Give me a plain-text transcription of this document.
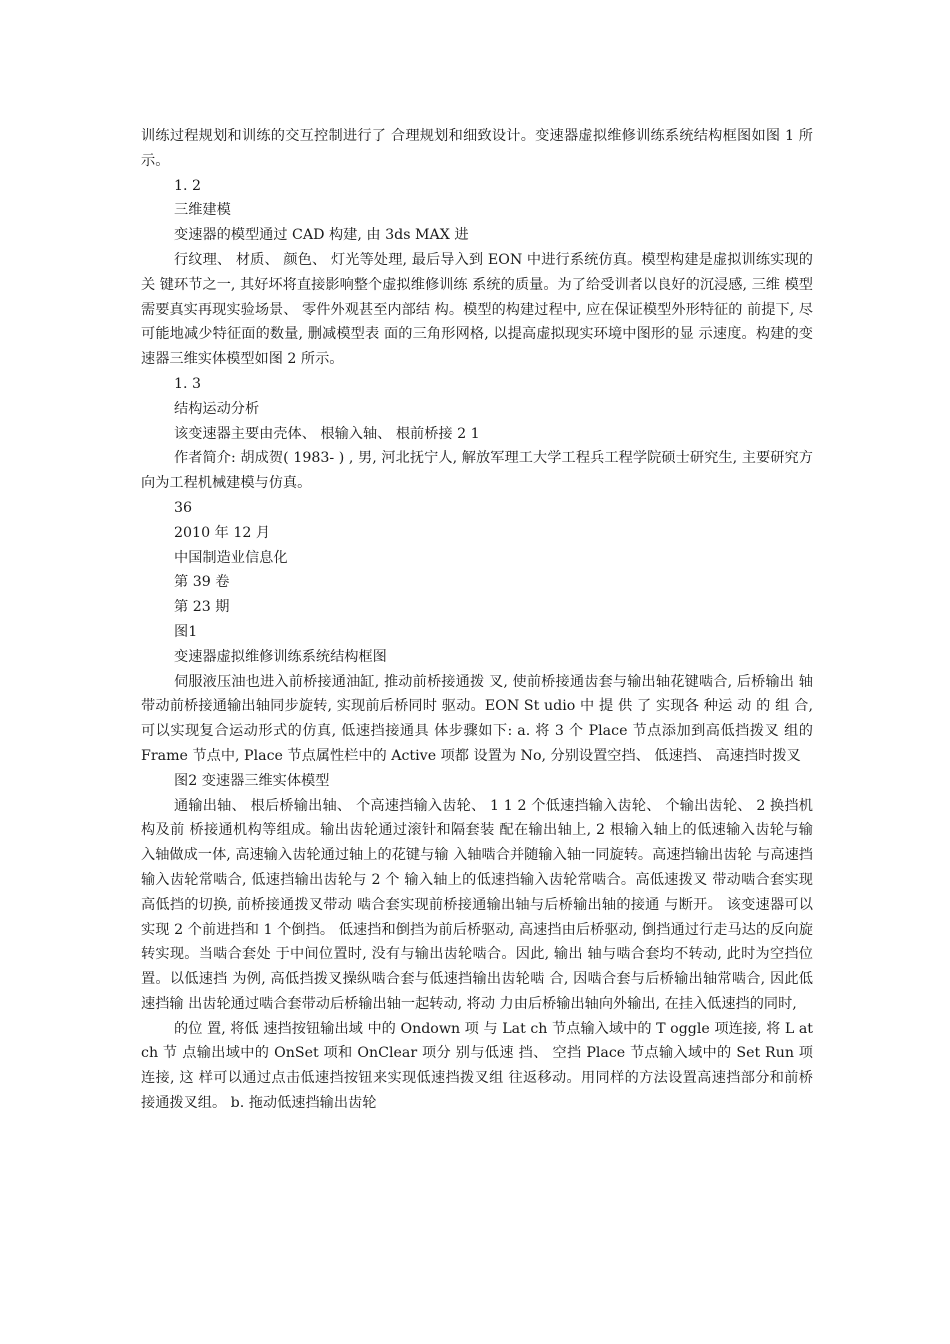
训练过程规划和训练的交互控制进行了 合理规划和细致设计。变速器虚拟维修训练系统结构框图如图 1 所示。

1. 2

三维建模

变速器的模型通过 CAD 构建, 由 3ds MAX 进

行纹理、 材质、 颜色、 灯光等处理, 最后导入到 EON 中进行系统仿真。模型构建是虚拟训练实现的关 键环节之一, 其好坏将直接影响整个虚拟维修训练 系统的质量。为了给受训者以良好的沉浸感, 三维 模型需要真实再现实验场景、 零件外观甚至内部结 构。模型的构建过程中, 应在保证模型外形特征的 前提下, 尽可能地减少特征面的数量, 删减模型表 面的三角形网格, 以提高虚拟现实环境中图形的显 示速度。构建的变速器三维实体模型如图 2 所示。

1. 3

结构运动分析

该变速器主要由壳体、 根输入轴、 根前桥接 2 1

作者简介: 胡成贺( 1983- ) , 男, 河北抚宁人, 解放军理工大学工程兵工程学院硕士研究生, 主要研究方向为工程机械建模与仿真。

36

2010 年 12 月

中国制造业信息化

第 39 卷

第 23 期

图1

变速器虚拟维修训练系统结构框图

伺服液压油也进入前桥接通油缸, 推动前桥接通拨 叉, 使前桥接通齿套与输出轴花键啮合, 后桥输出 轴带动前桥接通输出轴同步旋转, 实现前后桥同时 驱动。EON St udio 中 提 供 了 实现各 种运 动 的 组 合, 可以实现复合运动形式的仿真, 低速挡接通具 体步骤如下: a. 将 3 个 Place 节点添加到高低挡拨叉 组的 Frame 节点中, Place 节点属性栏中的 Active 项都 设置为 No, 分别设置空挡、 低速挡、 高速挡时拨叉

图2 变速器三维实体模型

通输出轴、 根后桥输出轴、 个高速挡输入齿轮、 1 1 2 个低速挡输入齿轮、 个输出齿轮、 2 换挡机构及前 桥接通机构等组成。输出齿轮通过滚针和隔套装 配在输出轴上, 2 根输入轴上的低速输入齿轮与输 入轴做成一体, 高速输入齿轮通过轴上的花键与输 入轴啮合并随输入轴一同旋转。高速挡输出齿轮 与高速挡输入齿轮常啮合, 低速挡输出齿轮与 2 个 输入轴上的低速挡输入齿轮常啮合。高低速拨叉 带动啮合套实现高低挡的切换, 前桥接通拨叉带动 啮合套实现前桥接通输出轴与后桥输出轴的接通 与断开。 该变速器可以实现 2 个前进挡和 1 个倒挡。 低速挡和倒挡为前后桥驱动, 高速挡由后桥驱动, 倒挡通过行走马达的反向旋转实现。当啮合套处 于中间位置时, 没有与输出齿轮啮合。因此, 输出 轴与啮合套均不转动, 此时为空挡位置。以低速挡 为例, 高低挡拨叉操纵啮合套与低速挡输出齿轮啮 合, 因啮合套与后桥输出轴常啮合, 因此低速挡输 出齿轮通过啮合套带动后桥输出轴一起转动, 将动 力由后桥输出轴向外输出, 在挂入低速挡的同时,

的位 置, 将低 速挡按钮输出域 中的 Ondown 项 与 Lat ch 节点输入域中的 T oggle 项连接, 将 L at ch 节 点输出域中的 OnSet 项和 OnClear 项分 别与低速 挡、 空挡 Place 节点输入域中的 Set Run 项连接, 这 样可以通过点击低速挡按钮来实现低速挡拨叉组 往返移动。用同样的方法设置高速挡部分和前桥 接通拨叉组。 b. 拖动低速挡输出齿轮
